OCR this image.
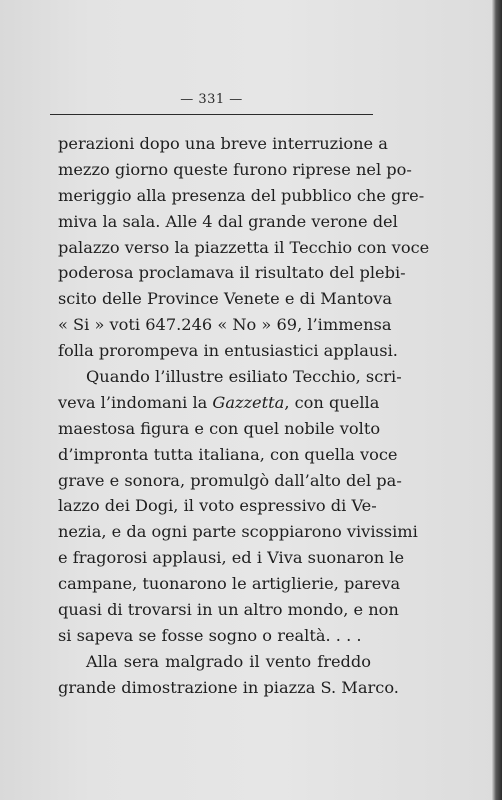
— 331 —
perazioni dopo una breve interruzione a
mezzo giorno queste furono riprese nel po-
meriggio alla presenza del pubblico che gre-
miva la sala. Alle 4 dal grande verone del
palazzo verso la piazzetta il Tecchio con voce
poderosa proclamava il risultato del plebi-
scito delle Province Venete e di Mantova
« Si » voti 647.246 « No » 69, l’immensa
folla prorompeva in entusiastici applausi.
Quando l’illustre esiliato Tecchio, scri-
veva l’indomani la Gazzetta, con quella
maestosa figura e con quel nobile volto
d’impronta tutta italiana, con quella voce
grave e sonora, promulgò dall’alto del pa-
lazzo dei Dogi, il voto espressivo di Ve-
nezia, e da ogni parte scoppiarono vivissimi
e fragorosi applausi, ed i Viva suonaron le
campane, tuonarono le artiglierie, pareva
quasi di trovarsi in un altro mondo, e non
si sapeva se fosse sogno o realtà. . . .
Alla sera malgrado il vento freddo
grande dimostrazione in piazza S. Marco.
